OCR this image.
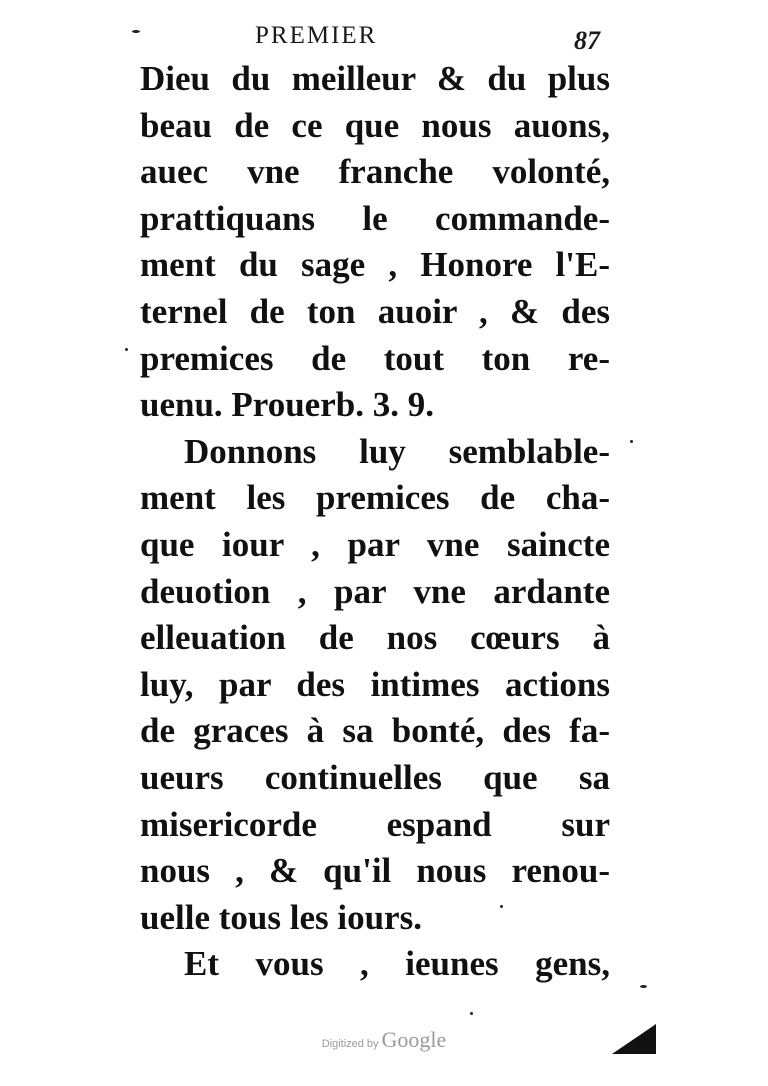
PREMIER	87
Dieu du meilleur & du plus
beau de ce que nous auons,
auec vne franche volonté,
prattiquans le commande-
ment du sage , Honore l'E-
ternel de ton auoir , & des
premices de tout ton re-
uenu. Prouerb. 3. 9.
Donnons luy semblable-
ment les premices de cha-
que iour , par vne saincte
deuotion , par vne ardante
elleuation de nos cœurs à
luy, par des intimes actions
de graces à sa bonté, des fa-
ueurs continuelles que sa
misericorde espand sur
nous , & qu'il nous renou-
uelle tous les iours.
Et vous , ieunes gens,
Digitized by Google
